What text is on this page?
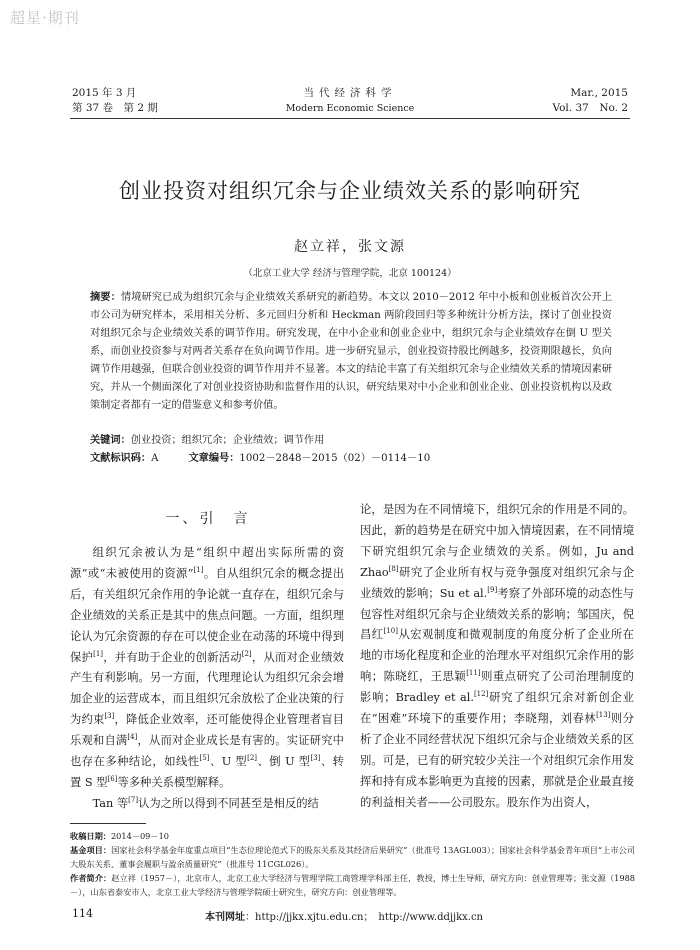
超星·期刊
2015 年 3 月
第 37 卷　第 2 期
当代经济科学
Modern Economic Science
Mar., 2015
Vol. 37　No. 2
创业投资对组织冗余与企业绩效关系的影响研究
赵立祥，张文源
（北京工业大学 经济与管理学院，北京 100124）
摘要：情境研究已成为组织冗余与企业绩效关系研究的新趋势。本文以 2010－2012 年中小板和创业板首次公开上市公司为研究样本，采用相关分析、多元回归分析和 Heckman 两阶段回归等多种统计分析方法，探讨了创业投资对组织冗余与企业绩效关系的调节作用。研究发现，在中小企业和创业企业中，组织冗余与企业绩效存在倒 U 型关系，而创业投资参与对两者关系存在负向调节作用。进一步研究显示，创业投资持股比例越多，投资期限越长，负向调节作用越强，但联合创业投资的调节作用并不显著。本文的结论丰富了有关组织冗余与企业绩效关系的情境因素研究，并从一个侧面深化了对创业投资协助和监督作用的认识，研究结果对中小企业和创业企业、创业投资机构以及政策制定者都有一定的借鉴意义和参考价值。
关键词：创业投资；组织冗余；企业绩效；调节作用
文献标识码：A	文章编号：1002－2848－2015（02）－0114－10
一、引　言

组织冗余被认为是“组织中超出实际所需的资源”或“未被使用的资源”[1]。自从组织冗余的概念提出后，有关组织冗余作用的争论就一直存在，组织冗余与企业绩效的关系正是其中的焦点问题。一方面，组织理论认为冗余资源的存在可以使企业在动荡的环境中得到保护[1]，并有助于企业的创新活动[2]，从而对企业绩效产生有利影响。另一方面，代理理论认为组织冗余会增加企业的运营成本，而且组织冗余放松了企业决策的行为约束[3]，降低企业效率，还可能使得企业管理者盲目乐观和自满[4]，从而对企业成长是有害的。实证研究中也存在多种结论，如线性[5]、U 型[2]、倒 U 型[3]、转置 S 型[6]等多种关系模型解释。

Tan 等[7]认为之所以得到不同甚至是相反的结

论，是因为在不同情境下，组织冗余的作用是不同的。因此，新的趋势是在研究中加入情境因素，在不同情境下研究组织冗余与企业绩效的关系。例如，Ju and Zhao[8]研究了企业所有权与竞争强度对组织冗余与企业绩效的影响；Su et al.[9]考察了外部环境的动态性与包容性对组织冗余与企业绩效关系的影响；邹国庆，倪昌红[10]从宏观制度和微观制度的角度分析了企业所在地的市场化程度和企业的治理水平对组织冗余作用的影响；陈晓红，王思颖[11]则重点研究了公司治理制度的影响；Bradley et al.[12]研究了组织冗余对新创企业在“困难”环境下的重要作用；李晓翔，刘春林[13]则分析了企业不同经营状况下组织冗余与企业绩效关系的区别。可是，已有的研究较少关注一个对组织冗余作用发挥和持有成本影响更为直接的因素，那就是企业最直接的利益相关者——公司股东。股东作为出资人，

收稿日期：2014－09－10
基金项目：国家社会科学基金年度重点项目“生态位理论范式下的股东关系及其经济后果研究”（批准号 13AGL003）；国家社会科学基金青年项目“上市公司大股东关系、董事会履职与盈余质量研究”（批准号 11CGL026）。
作者简介：赵立祥（1957－），北京市人，北京工业大学经济与管理学院工商管理学科部主任，教授，博士生导师，研究方向：创业管理等；张文源（1988－），山东省泰安市人，北京工业大学经济与管理学院硕士研究生，研究方向：创业管理等。
114	本刊网址：http://jjkx.xjtu.edu.cn；　http://www.ddjjkx.cn
